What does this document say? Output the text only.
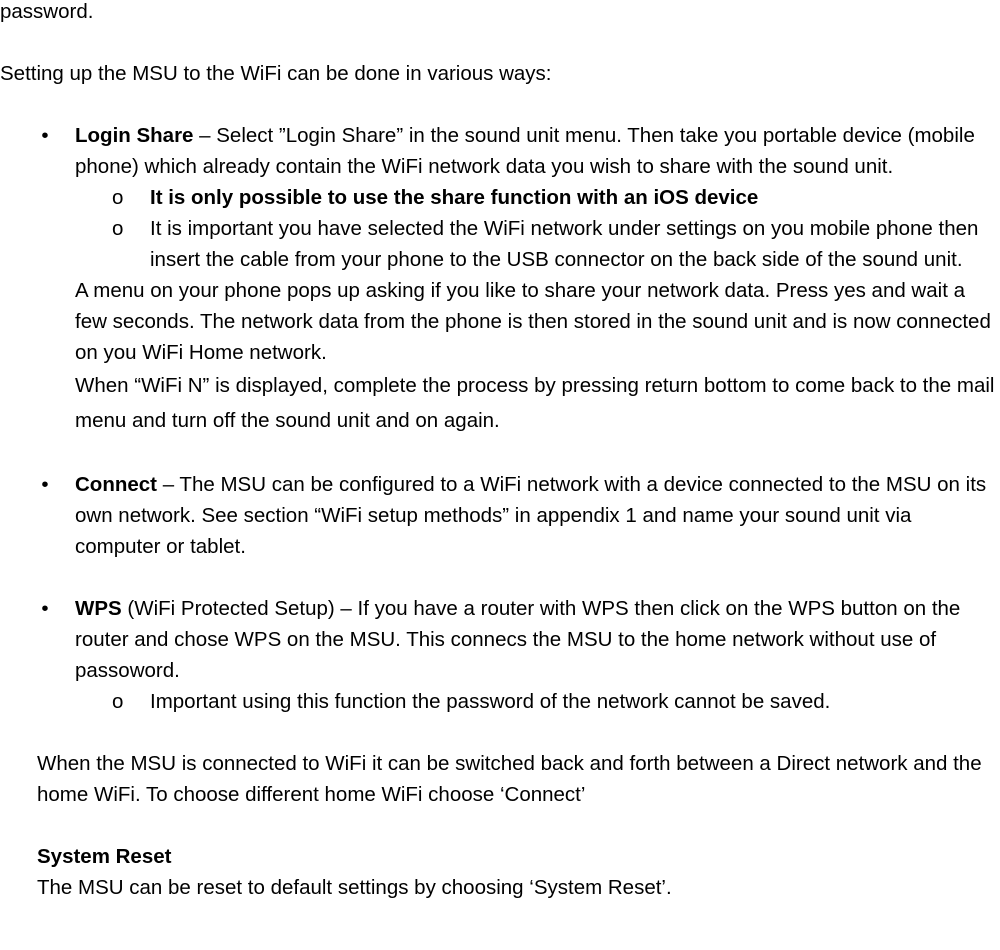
password.

Setting up the MSU to the WiFi can be done in various ways:

•	Login Share – Select ”Login Share” in the sound unit menu. Then take you portable device (mobile phone) which already contain the WiFi network data you wish to share with the sound unit.
o	It is only possible to use the share function with an iOS device
o	It is important you have selected the WiFi network under settings on you mobile phone then insert the cable from your phone to the USB connector on the back side of the sound unit.

A menu on your phone pops up asking if you like to share your network data. Press yes and wait a few seconds. The network data from the phone is then stored in the sound unit and is now connected on you WiFi Home network.

When “WiFi N” is displayed, complete the process by pressing return bottom to come back to the mail menu and turn off the sound unit and on again.

•	Connect – The MSU can be configured to a WiFi network with a device connected to the MSU on its own network. See section “WiFi setup methods” in appendix 1 and name your sound unit via computer or tablet.
•	WPS (WiFi Protected Setup) – If you have a router with WPS then click on the WPS button on the router and chose WPS on the MSU. This connecs the MSU to the home network without use of passoword.
o	Important using this function the password of the network cannot be saved.

When the MSU is connected to WiFi it can be switched back and forth between a Direct network and the home WiFi. To choose different home WiFi choose ‘Connect’

System Reset

The MSU can be reset to default settings by choosing ‘System Reset’.
